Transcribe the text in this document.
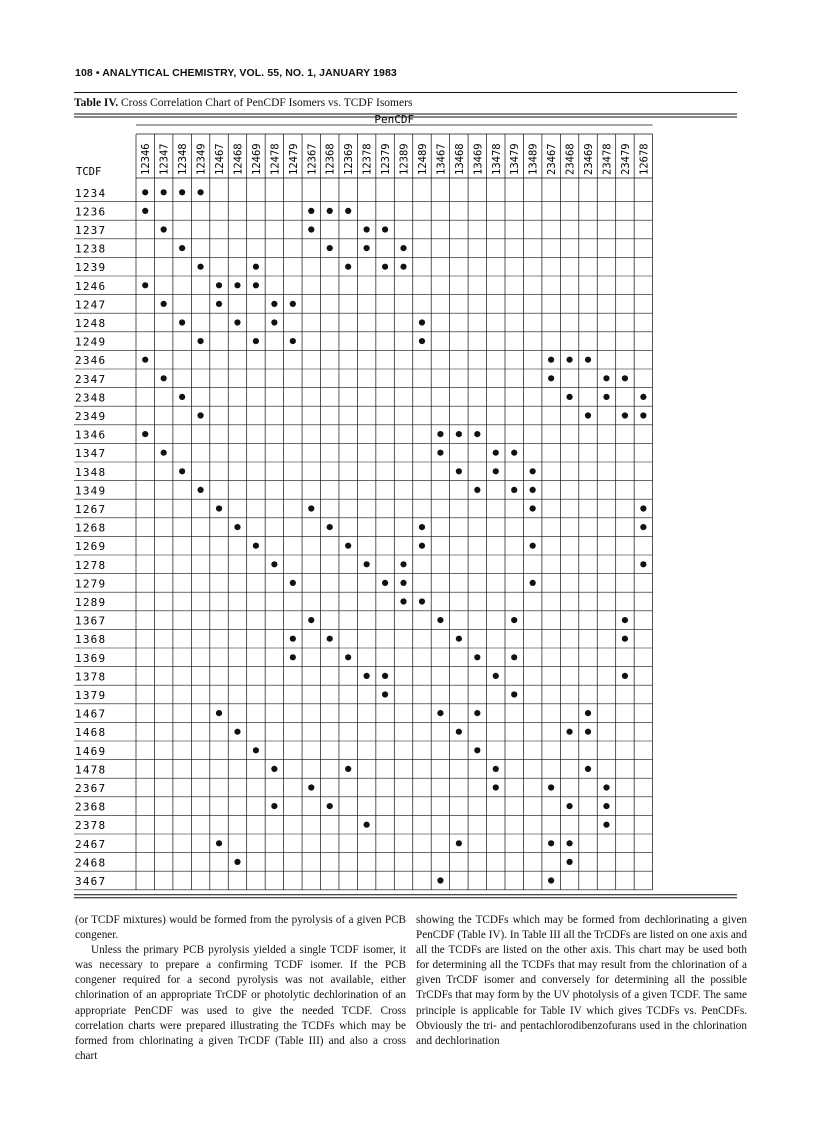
108 • ANALYTICAL CHEMISTRY, VOL. 55, NO. 1, JANUARY 1983
Table IV. Cross Correlation Chart of PenCDF Isomers vs. TCDF Isomers
PenCDF
TCDF	12346 12347 12348 12349 12467 12468 12469 12478 12479 12367 12368 12369 12378 12379 12389 12489 13467 13468 13469 13478 13479 13489 23467 23468 23469 23478 23479 12678
1234
1236
1237
1238
1239
1246
1247
1248
1249
2346
2347
2348
2349
1346
1347
1348
1349
1267
1268
1269
1278
1279
1289
1367
1368
1369
1378
1379
1467
1468
1469
1478
2367
2368
2378
2467
2468
3467

(or TCDF mixtures) would be formed from the pyrolysis of a given PCB congener.

Unless the primary PCB pyrolysis yielded a single TCDF isomer, it was necessary to prepare a confirming TCDF isomer. If the PCB congener required for a second pyrolysis was not available, either chlorination of an appropriate TrCDF or photolytic dechlorination of an appropriate PenCDF was used to give the needed TCDF. Cross correlation charts were prepared illustrating the TCDFs which may be formed from chlorinating a given TrCDF (Table III) and also a cross chart

showing the TCDFs which may be formed from dechlorinating a given PenCDF (Table IV). In Table III all the TrCDFs are listed on one axis and all the TCDFs are listed on the other axis. This chart may be used both for determining all the TCDFs that may result from the chlorination of a given TrCDF isomer and conversely for determining all the possible TrCDFs that may form by the UV photolysis of a given TCDF. The same principle is applicable for Table IV which gives TCDFs vs. PenCDFs. Obviously the tri- and pentachlorodibenzofurans used in the chlorination and dechlorination
